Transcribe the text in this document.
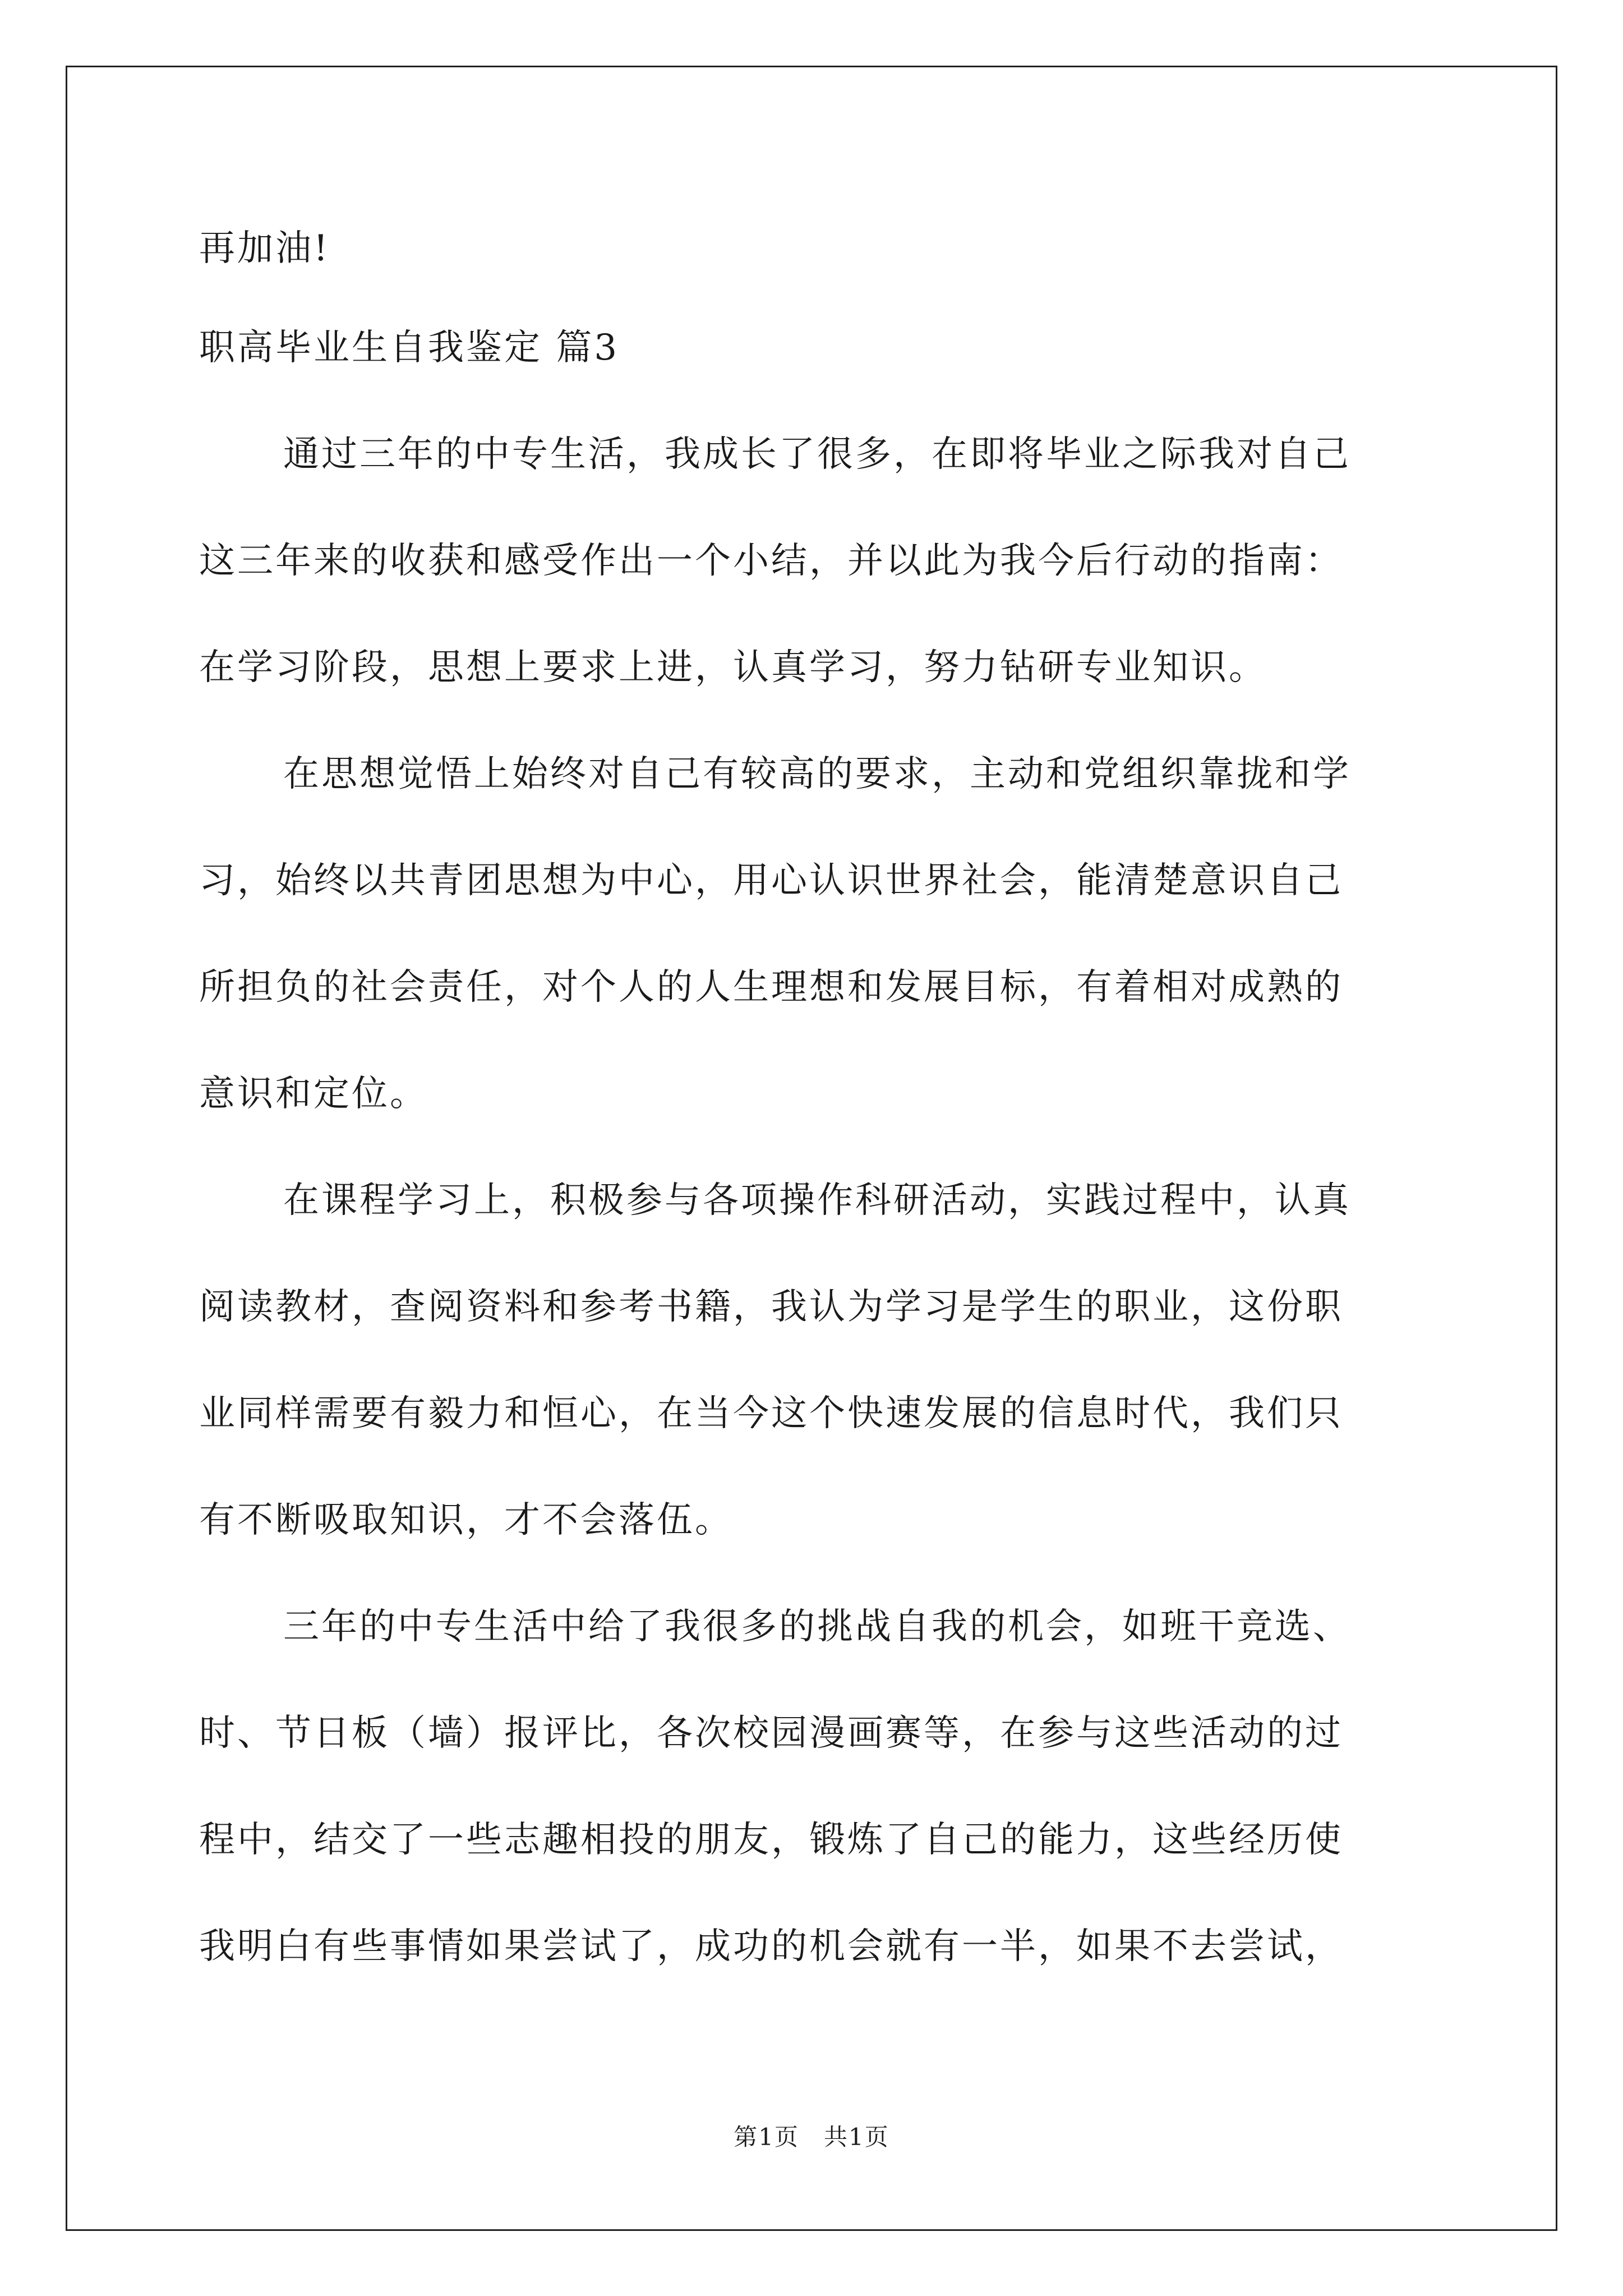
再加油!
职高毕业生自我鉴定 篇3
通过三年的中专生活，我成长了很多，在即将毕业之际我对自己
这三年来的收获和感受作出一个小结，并以此为我今后行动的指南：
在学习阶段，思想上要求上进，认真学习，努力钻研专业知识。
在思想觉悟上始终对自己有较高的要求，主动和党组织靠拢和学
习，始终以共青团思想为中心，用心认识世界社会，能清楚意识自己
所担负的社会责任，对个人的人生理想和发展目标，有着相对成熟的
意识和定位。
在课程学习上，积极参与各项操作科研活动，实践过程中，认真
阅读教材，查阅资料和参考书籍，我认为学习是学生的职业，这份职
业同样需要有毅力和恒心，在当今这个快速发展的信息时代，我们只
有不断吸取知识，才不会落伍。
三年的中专生活中给了我很多的挑战自我的机会，如班干竞选、
时、节日板（墙）报评比，各次校园漫画赛等，在参与这些活动的过
程中，结交了一些志趣相投的朋友，锻炼了自己的能力，这些经历使
我明白有些事情如果尝试了，成功的机会就有一半，如果不去尝试，
第1页　共1页
